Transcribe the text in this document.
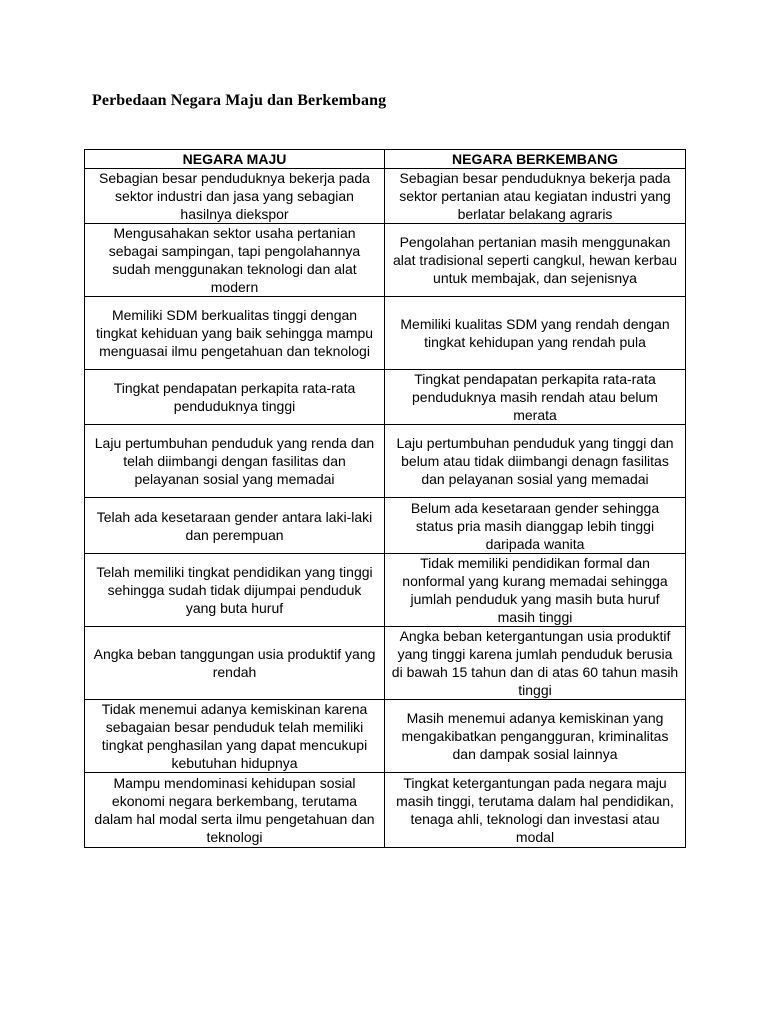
Perbedaan Negara Maju dan Berkembang
NEGARA MAJU	NEGARA BERKEMBANG
Sebagian besar penduduknya bekerja pada sektor industri dan jasa yang sebagian hasilnya diekspor	Sebagian besar penduduknya bekerja pada sektor pertanian atau kegiatan industri yang berlatar belakang agraris
Mengusahakan sektor usaha pertanian sebagai sampingan, tapi pengolahannya sudah menggunakan teknologi dan alat modern	Pengolahan pertanian masih menggunakan alat tradisional seperti cangkul, hewan kerbau untuk membajak, dan sejenisnya
Memiliki SDM berkualitas tinggi dengan tingkat kehiduan yang baik sehingga mampu menguasai ilmu pengetahuan dan teknologi	Memiliki kualitas SDM yang rendah dengan tingkat kehidupan yang rendah pula
Tingkat pendapatan perkapita rata-rata penduduknya tinggi	Tingkat pendapatan perkapita rata-rata penduduknya masih rendah atau belum merata
Laju pertumbuhan penduduk yang renda dan telah diimbangi dengan fasilitas dan pelayanan sosial yang memadai	Laju pertumbuhan penduduk yang tinggi dan belum atau tidak diimbangi denagn fasilitas dan pelayanan sosial yang memadai
Telah ada kesetaraan gender antara laki-laki dan perempuan	Belum ada kesetaraan gender sehingga status pria masih dianggap lebih tinggi daripada wanita
Telah memiliki tingkat pendidikan yang tinggi sehingga sudah tidak dijumpai penduduk yang buta huruf	Tidak memiliki pendidikan formal dan nonformal yang kurang memadai sehingga jumlah penduduk yang masih buta huruf masih tinggi
Angka beban tanggungan usia produktif yang rendah	Angka beban ketergantungan usia produktif yang tinggi karena jumlah penduduk berusia di bawah 15 tahun dan di atas 60 tahun masih tinggi
Tidak menemui adanya kemiskinan karena sebagaian besar penduduk telah memiliki tingkat penghasilan yang dapat mencukupi kebutuhan hidupnya	Masih menemui adanya kemiskinan yang mengakibatkan pengangguran, kriminalitas dan dampak sosial lainnya
Mampu mendominasi kehidupan sosial ekonomi negara berkembang, terutama dalam hal modal serta ilmu pengetahuan dan teknologi	Tingkat ketergantungan pada negara maju masih tinggi, terutama dalam hal pendidikan, tenaga ahli, teknologi dan investasi atau modal
